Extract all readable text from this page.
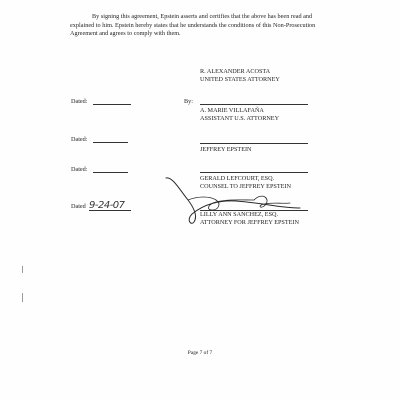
By signing this agreement, Epstein asserts and certifies that the above has been read and explained to him. Epstein hereby states that he understands the conditions of this Non-Prosecution Agreement and agrees to comply with them.
R. ALEXANDER ACOSTA
UNITED STATES ATTORNEY
Dated:	By:
A. MARIE VILLAFAÑA
ASSISTANT U.S. ATTORNEY
Dated:
JEFFREY EPSTEIN
Dated:
GERALD LEFCOURT, ESQ.
COUNSEL TO JEFFREY EPSTEIN
Dated 9-24-07
LILLY ANN SANCHEZ, ESQ.
ATTORNEY FOR JEFFREY EPSTEIN
Page 7 of 7
